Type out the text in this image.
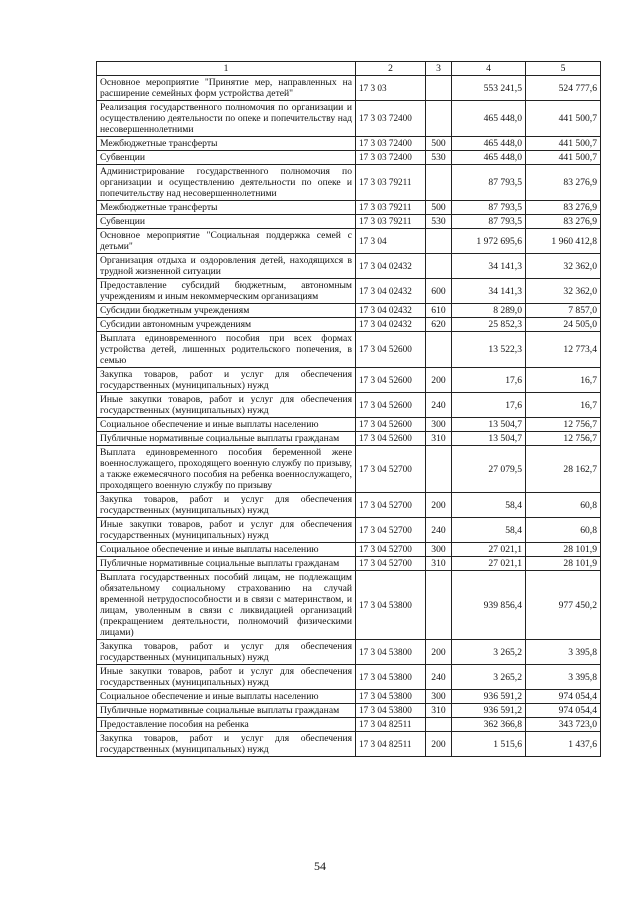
1	2	3	4	5
Основное мероприятие "Принятие мер, направленных на расширение семейных форм устройства детей"	17 3 03		553 241,5	524 777,6
Реализация государственного полномочия по организации и осуществлению деятельности по опеке и попечительству над несовершеннолетними	17 3 03 72400		465 448,0	441 500,7
Межбюджетные трансферты	17 3 03 72400	500	465 448,0	441 500,7
Субвенции	17 3 03 72400	530	465 448,0	441 500,7
Администрирование государственного полномочия по организации и осуществлению деятельности по опеке и попечительству над несовершеннолетними	17 3 03 79211		87 793,5	83 276,9
Межбюджетные трансферты	17 3 03 79211	500	87 793,5	83 276,9
Субвенции	17 3 03 79211	530	87 793,5	83 276,9
Основное мероприятие "Социальная поддержка семей с детьми"	17 3 04		1 972 695,6	1 960 412,8
Организация отдыха и оздоровления детей, находящихся в трудной жизненной ситуации	17 3 04 02432		34 141,3	32 362,0
Предоставление субсидий бюджетным, автономным учреждениям и иным некоммерческим организациям	17 3 04 02432	600	34 141,3	32 362,0
Субсидии бюджетным учреждениям	17 3 04 02432	610	8 289,0	7 857,0
Субсидии автономным учреждениям	17 3 04 02432	620	25 852,3	24 505,0
Выплата единовременного пособия при всех формах устройства детей, лишенных родительского попечения, в семью	17 3 04 52600		13 522,3	12 773,4
Закупка товаров, работ и услуг для обеспечения государственных (муниципальных) нужд	17 3 04 52600	200	17,6	16,7
Иные закупки товаров, работ и услуг для обеспечения государственных (муниципальных) нужд	17 3 04 52600	240	17,6	16,7
Социальное обеспечение и иные выплаты населению	17 3 04 52600	300	13 504,7	12 756,7
Публичные нормативные социальные выплаты гражданам	17 3 04 52600	310	13 504,7	12 756,7
Выплата единовременного пособия беременной жене военнослужащего, проходящего военную службу по призыву, а также ежемесячного пособия на ребенка военнослужащего, проходящего военную службу по призыву	17 3 04 52700		27 079,5	28 162,7
Закупка товаров, работ и услуг для обеспечения государственных (муниципальных) нужд	17 3 04 52700	200	58,4	60,8
Иные закупки товаров, работ и услуг для обеспечения государственных (муниципальных) нужд	17 3 04 52700	240	58,4	60,8
Социальное обеспечение и иные выплаты населению	17 3 04 52700	300	27 021,1	28 101,9
Публичные нормативные социальные выплаты гражданам	17 3 04 52700	310	27 021,1	28 101,9
Выплата государственных пособий лицам, не подлежащим обязательному социальному страхованию на случай временной нетрудоспособности и в связи с материнством, и лицам, уволенным в связи с ликвидацией организаций (прекращением деятельности, полномочий физическими лицами)	17 3 04 53800		939 856,4	977 450,2
Закупка товаров, работ и услуг для обеспечения государственных (муниципальных) нужд	17 3 04 53800	200	3 265,2	3 395,8
Иные закупки товаров, работ и услуг для обеспечения государственных (муниципальных) нужд	17 3 04 53800	240	3 265,2	3 395,8
Социальное обеспечение и иные выплаты населению	17 3 04 53800	300	936 591,2	974 054,4
Публичные нормативные социальные выплаты гражданам	17 3 04 53800	310	936 591,2	974 054,4
Предоставление пособия на ребенка	17 3 04 82511		362 366,8	343 723,0
Закупка товаров, работ и услуг для обеспечения государственных (муниципальных) нужд	17 3 04 82511	200	1 515,6	1 437,6
54
